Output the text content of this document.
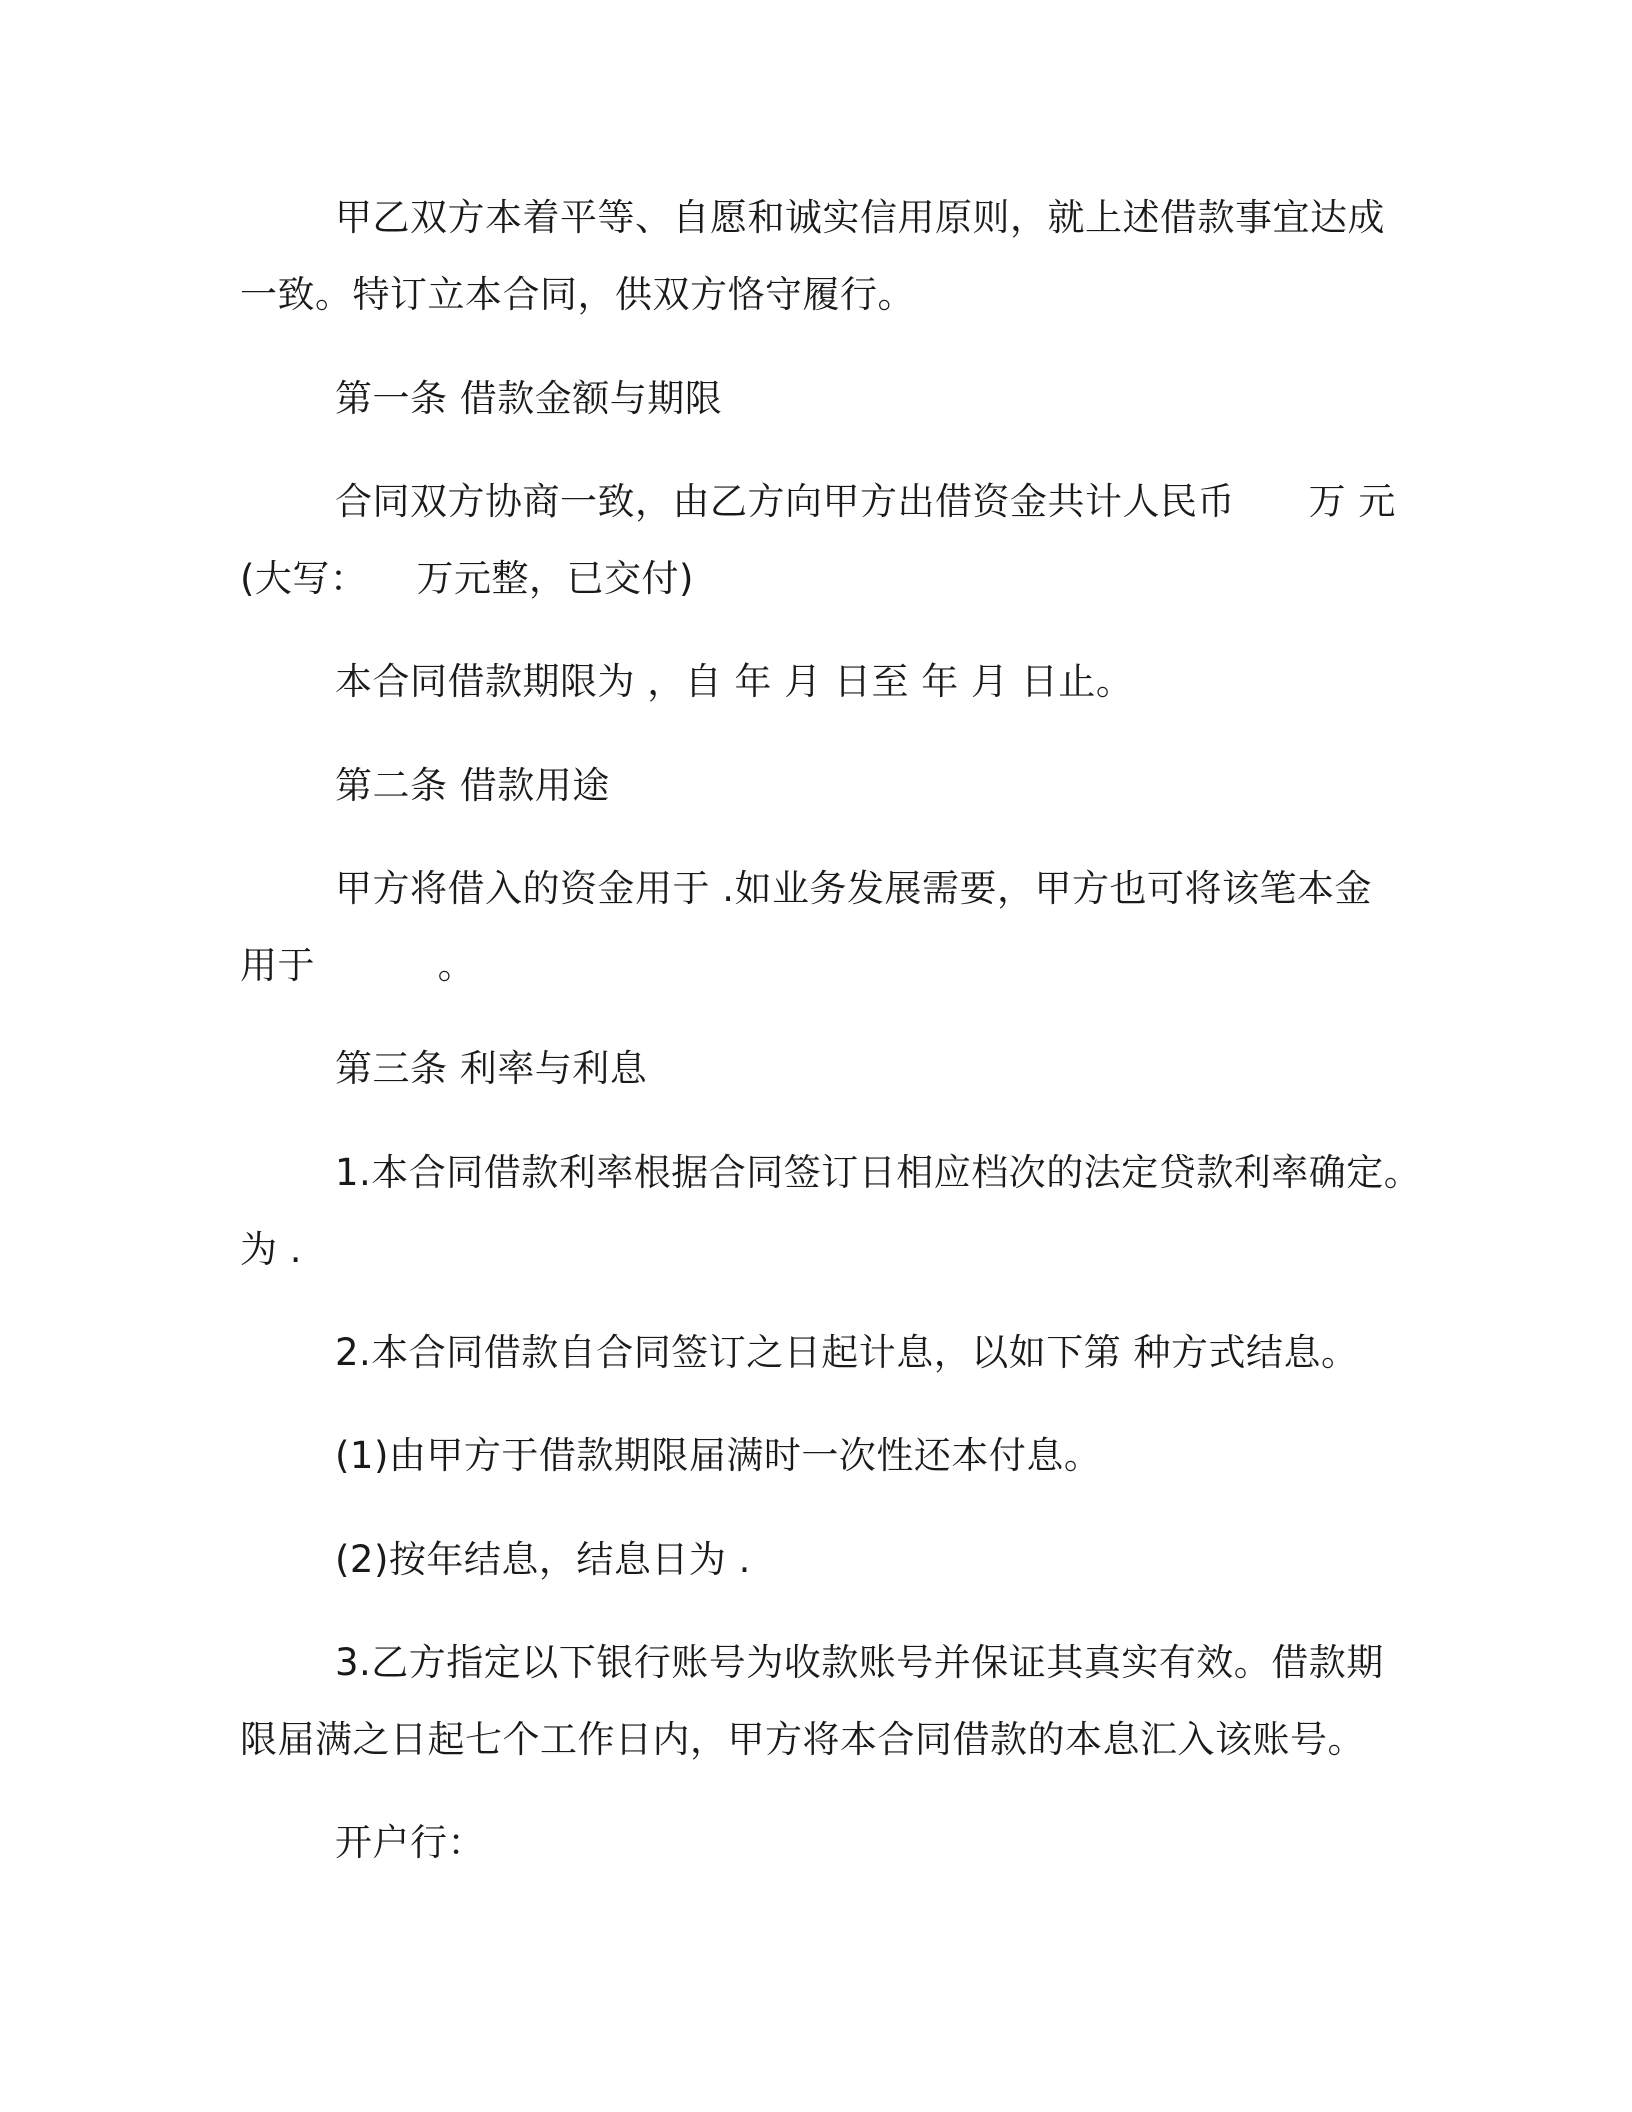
甲乙双方本着平等、自愿和诚实信用原则，就上述借款事宜达成

一致。特订立本合同，供双方恪守履行。

第一条 借款金额与期限

合同双方协商一致，由乙方向甲方出借资金共计人民币      万 元

(大写：    万元整，已交付)

本合同借款期限为 ，自 年 月 日至 年 月 日止。

第二条 借款用途

甲方将借入的资金用于 .如业务发展需要，甲方也可将该笔本金

用于          。

第三条 利率与利息

1.本合同借款利率根据合同签订日相应档次的法定贷款利率确定。

为 .

2.本合同借款自合同签订之日起计息，以如下第 种方式结息。

(1)由甲方于借款期限届满时一次性还本付息。

(2)按年结息，结息日为 .

3.乙方指定以下银行账号为收款账号并保证其真实有效。借款期

限届满之日起七个工作日内，甲方将本合同借款的本息汇入该账号。

开户行：
